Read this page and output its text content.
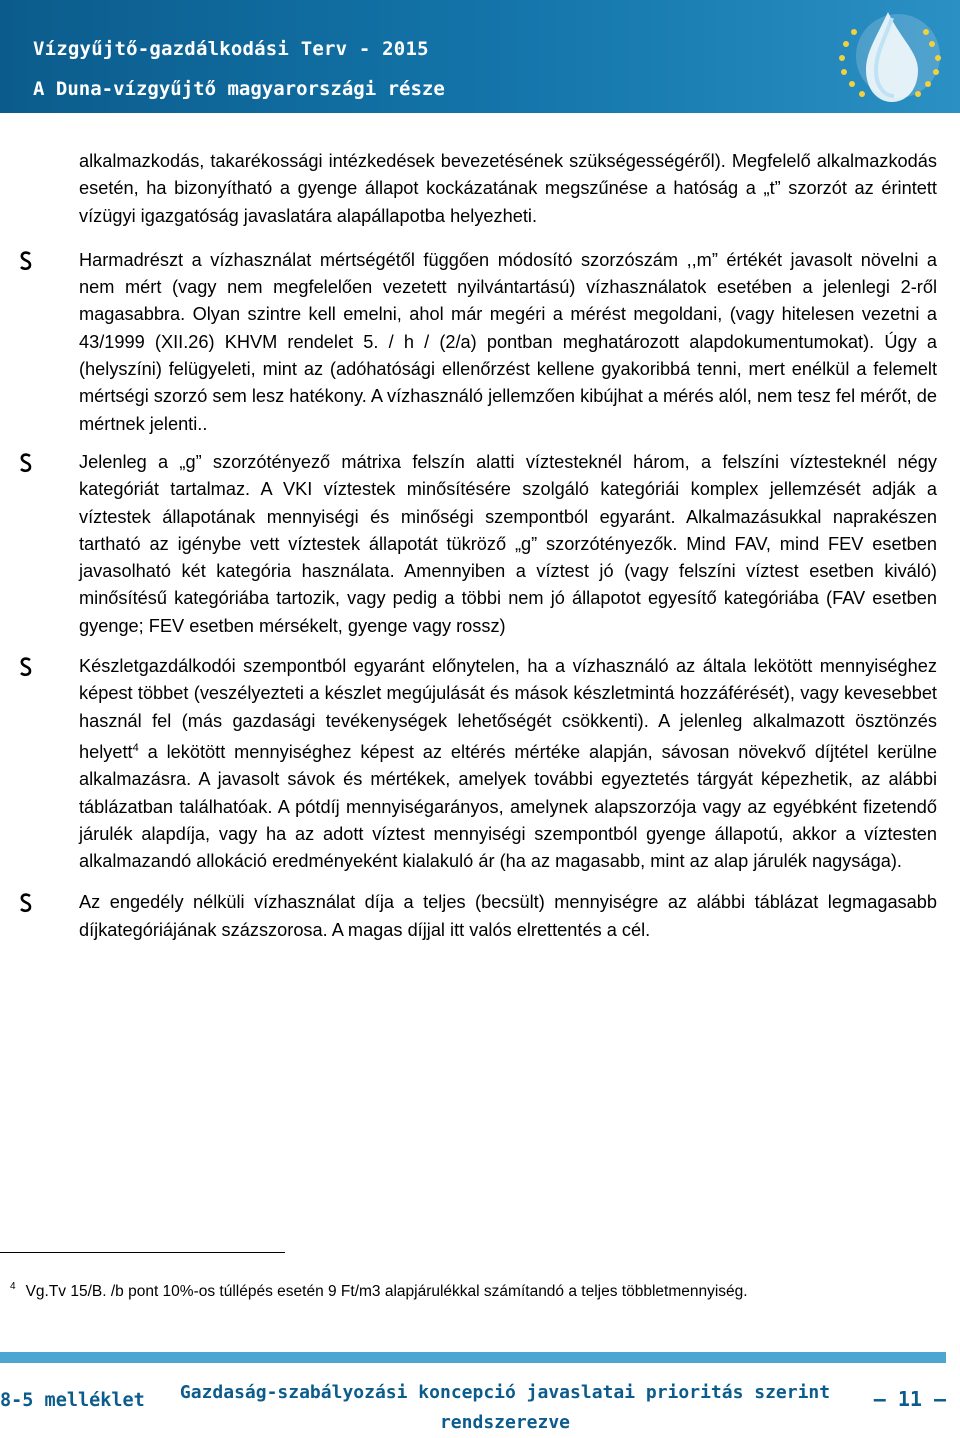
Vízgyűjtő-gazdálkodási Terv - 2015
A Duna-vízgyűjtő magyarországi része

alkalmazkodás, takarékossági intézkedések bevezetésének szükségességéről). Megfelelő alkalmazkodás esetén, ha bizonyítható a gyenge állapot kockázatának megszűnése a hatóság a „t” szorzót az érintett vízügyi igazgatóság javaslatára alapállapotba helyezheti.

Harmadrészt a vízhasználat mértségétől függően módosító szorzószám ,,m” értékét javasolt növelni a nem mért (vagy nem megfelelően vezetett nyilvántartású) vízhasználatok esetében a jelenlegi 2-ről magasabbra. Olyan szintre kell emelni, ahol már megéri a mérést megoldani, (vagy hitelesen vezetni a 43/1999 (XII.26) KHVM rendelet 5. / h / (2/a) pontban meghatározott alapdokumentumokat). Úgy a (helyszíni) felügyeleti, mint az (adóhatósági ellenőrzést kellene gyakoribbá tenni, mert enélkül a felemelt mértségi szorzó sem lesz hatékony. A vízhasználó jellemzően kibújhat a mérés alól, nem tesz fel mérőt, de mértnek jelenti..

Jelenleg a „g” szorzótényező mátrixa felszín alatti víztesteknél három, a felszíni víztesteknél négy kategóriát tartalmaz. A VKI víztestek minősítésére szolgáló kategóriái komplex jellemzését adják a víztestek állapotának mennyiségi és minőségi szempontból egyaránt. Alkalmazásukkal naprakészen tartható az igénybe vett víztestek állapotát tükröző „g” szorzótényezők. Mind FAV, mind FEV esetben javasolható két kategória használata. Amennyiben a víztest jó (vagy felszíni víztest esetben kiváló) minősítésű kategóriába tartozik, vagy pedig a többi nem jó állapotot egyesítő kategóriába (FAV esetben gyenge; FEV esetben mérsékelt, gyenge vagy rossz)

Készletgazdálkodói szempontból egyaránt előnytelen, ha a vízhasználó az általa lekötött mennyiséghez képest többet (veszélyezteti a készlet megújulását és mások készletmintá hozzáférését), vagy kevesebbet használ fel (más gazdasági tevékenységek lehetőségét csökkenti). A jelenleg alkalmazott ösztönzés helyett$^4$ a lekötött mennyiséghez képest az eltérés mértéke alapján, sávosan növekvő díjtétel kerülne alkalmazásra. A javasolt sávok és mértékek, amelyek további egyeztetés tárgyát képezhetik, az alábbi táblázatban találhatóak. A pótdíj mennyiségarányos, amelynek alapszorzója vagy az egyébként fizetendő járulék alapdíja, vagy ha az adott víztest mennyiségi szempontból gyenge állapotú, akkor a víztesten alkalmazandó allokáció eredményeként kialakuló ár (ha az magasabb, mint az alap járulék nagysága).

Az engedély nélküli vízhasználat díja a teljes (becsült) mennyiségre az alábbi táblázat legmagasabb díjkategóriájának százszorosa. A magas díjjal itt valós elrettentés a cél.

$^4$ Vg.Tv 15/B. /b pont 10%-os túllépés esetén 9 Ft/m3 alapjárulékkal számítandó a teljes többletmennyiség.
8-5 melléklet	Gazdaság-szabályozási koncepció javaslatai prioritás szerint rendszerezve
— 11 —
